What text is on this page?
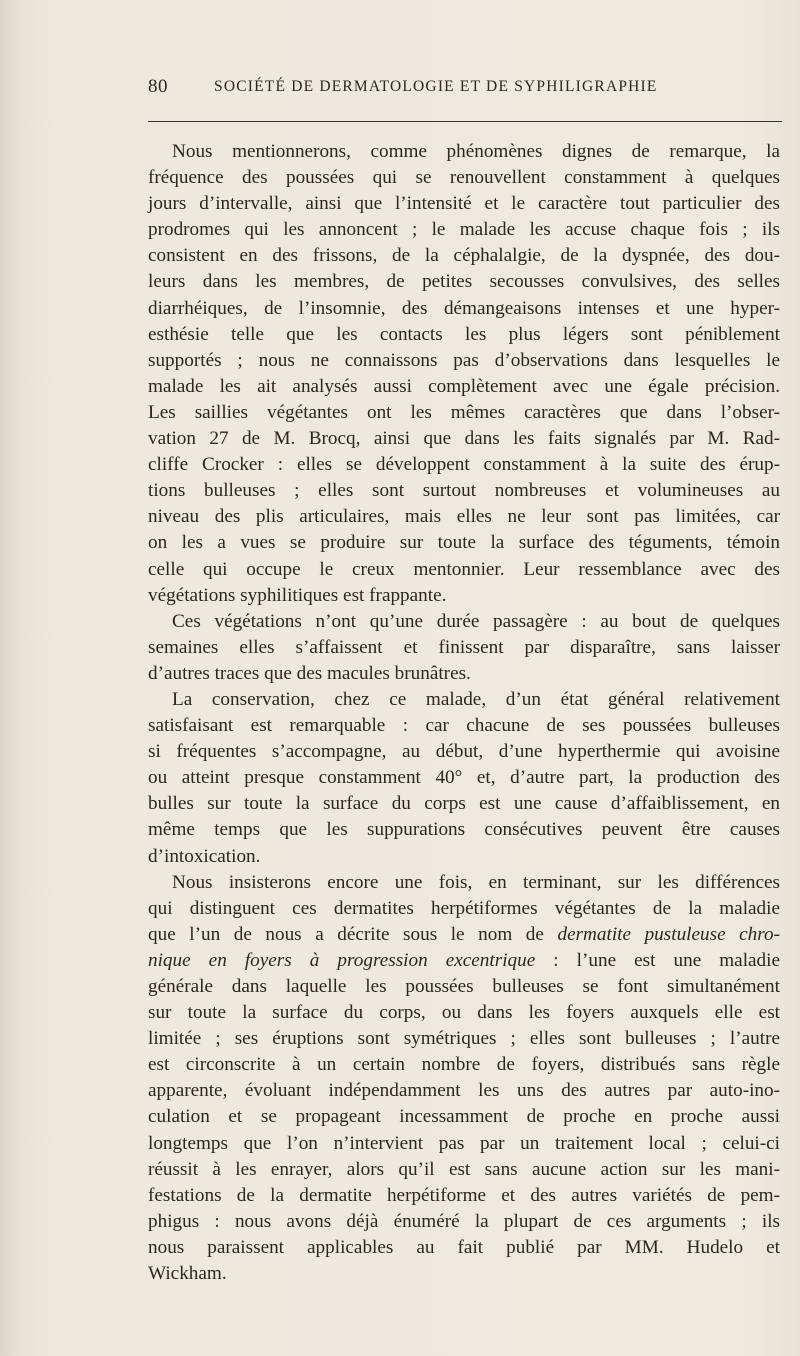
80	SOCIÉTÉ DE DERMATOLOGIE ET DE SYPHILIGRAPHIE
Nous mentionnerons, comme phénomènes dignes de remarque, la
fréquence des poussées qui se renouvellent constamment à quelques
jours d’intervalle, ainsi que l’intensité et le caractère tout particulier des
prodromes qui les annoncent ; le malade les accuse chaque fois ; ils
consistent en des frissons, de la céphalalgie, de la dyspnée, des dou-
leurs dans les membres, de petites secousses convulsives, des selles
diarrhéiques, de l’insomnie, des démangeaisons intenses et une hyper-
esthésie telle que les contacts les plus légers sont péniblement
supportés ; nous ne connaissons pas d’observations dans lesquelles le
malade les ait analysés aussi complètement avec une égale précision.
Les saillies végétantes ont les mêmes caractères que dans l’obser-
vation 27 de M. Brocq, ainsi que dans les faits signalés par M. Rad-
cliffe Crocker : elles se développent constamment à la suite des érup-
tions bulleuses ; elles sont surtout nombreuses et volumineuses au
niveau des plis articulaires, mais elles ne leur sont pas limitées, car
on les a vues se produire sur toute la surface des téguments, témoin
celle qui occupe le creux mentonnier. Leur ressemblance avec des
végétations syphilitiques est frappante.
Ces végétations n’ont qu’une durée passagère : au bout de quelques
semaines elles s’affaissent et finissent par disparaître, sans laisser
d’autres traces que des macules brunâtres.
La conservation, chez ce malade, d’un état général relativement
satisfaisant est remarquable : car chacune de ses poussées bulleuses
si fréquentes s’accompagne, au début, d’une hyperthermie qui avoisine
ou atteint presque constamment 40° et, d’autre part, la production des
bulles sur toute la surface du corps est une cause d’affaiblissement, en
même temps que les suppurations consécutives peuvent être causes
d’intoxication.
Nous insisterons encore une fois, en terminant, sur les différences
qui distinguent ces dermatites herpétiformes végétantes de la maladie
que l’un de nous a décrite sous le nom de dermatite pustuleuse chro-
nique en foyers à progression excentrique : l’une est une maladie
générale dans laquelle les poussées bulleuses se font simultanément
sur toute la surface du corps, ou dans les foyers auxquels elle est
limitée ; ses éruptions sont symétriques ; elles sont bulleuses ; l’autre
est circonscrite à un certain nombre de foyers, distribués sans règle
apparente, évoluant indépendamment les uns des autres par auto-ino-
culation et se propageant incessamment de proche en proche aussi
longtemps que l’on n’intervient pas par un traitement local ; celui-ci
réussit à les enrayer, alors qu’il est sans aucune action sur les mani-
festations de la dermatite herpétiforme et des autres variétés de pem-
phigus : nous avons déjà énuméré la plupart de ces arguments ; ils
nous paraissent applicables au fait publié par MM. Hudelo et
Wickham.
